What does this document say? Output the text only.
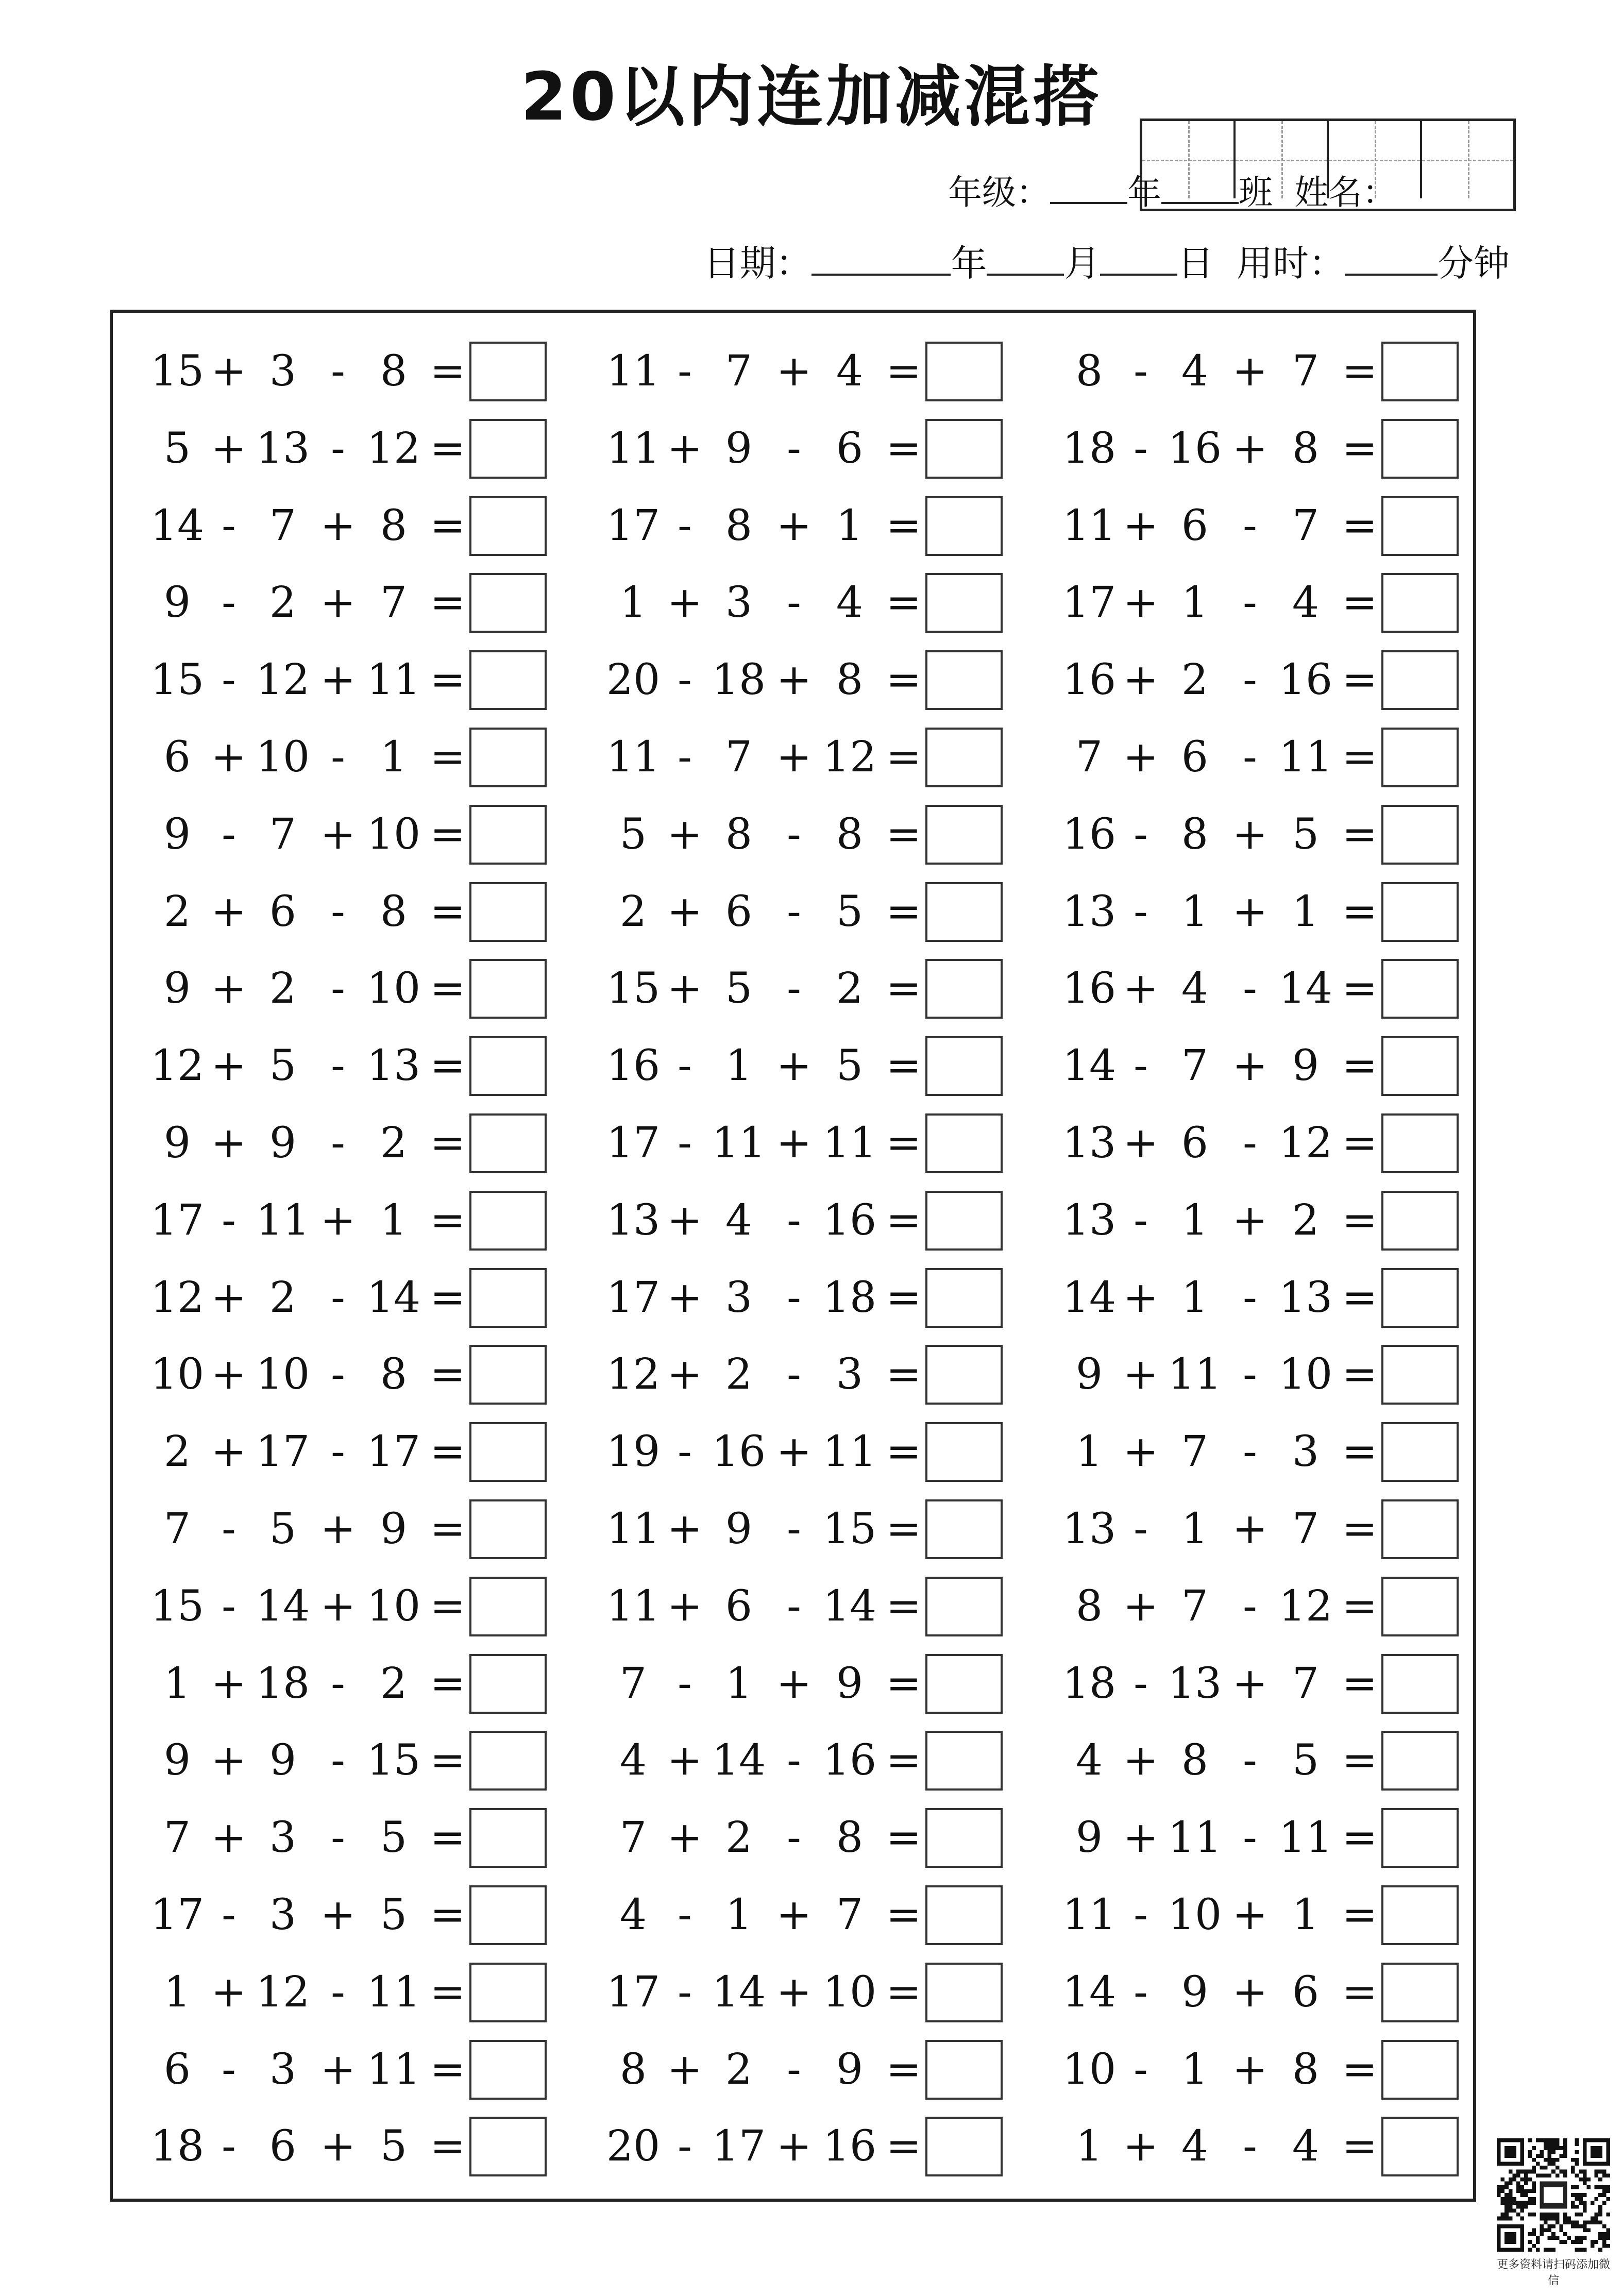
20以内连加减混搭
年级： 年 班 姓名：
日期：	年 月 日 用时：	分钟
15 + 3 - 8 =
5 + 13 - 12 =
14 - 7 + 8 =
9 - 2 + 7 =
15 - 12 + 11 =
6 + 10 - 1 =
9 - 7 + 10 =
2 + 6 - 8 =
9 + 2 - 10 =
12 + 5 - 13 =
9 + 9 - 2 =
17 - 11 + 1 =
12 + 2 - 14 =
10 + 10 - 8 =
2 + 17 - 17 =
7 - 5 + 9 =
15 - 14 + 10 =
1 + 18 - 2 =
9 + 9 - 15 =
7 + 3 - 5 =
17 - 3 + 5 =
1 + 12 - 11 =
6 - 3 + 11 =
18 - 6 + 5 =
11 - 7 + 4 =
11 + 9 - 6 =
17 - 8 + 1 =
1 + 3 - 4 =
20 - 18 + 8 =
11 - 7 + 12 =
5 + 8 - 8 =
2 + 6 - 5 =
15 + 5 - 2 =
16 - 1 + 5 =
17 - 11 + 11 =
13 + 4 - 16 =
17 + 3 - 18 =
12 + 2 - 3 =
19 - 16 + 11 =
11 + 9 - 15 =
11 + 6 - 14 =
7 - 1 + 9 =
4 + 14 - 16 =
7 + 2 - 8 =
4 - 1 + 7 =
17 - 14 + 10 =
8 + 2 - 9 =
20 - 17 + 16 =
8 - 4 + 7 =
18 - 16 + 8 =
11 + 6 - 7 =
17 + 1 - 4 =
16 + 2 - 16 =
7 + 6 - 11 =
16 - 8 + 5 =
13 - 1 + 1 =
16 + 4 - 14 =
14 - 7 + 9 =
13 + 6 - 12 =
13 - 1 + 2 =
14 + 1 - 13 =
9 + 11 - 10 =
1 + 7 - 3 =
13 - 1 + 7 =
8 + 7 - 12 =
18 - 13 + 7 =
4 + 8 - 5 =
9 + 11 - 11 =
11 - 10 + 1 =
14 - 9 + 6 =
10 - 1 + 8 =
1 + 4 - 4 =
更多资料请扫码添加微信
